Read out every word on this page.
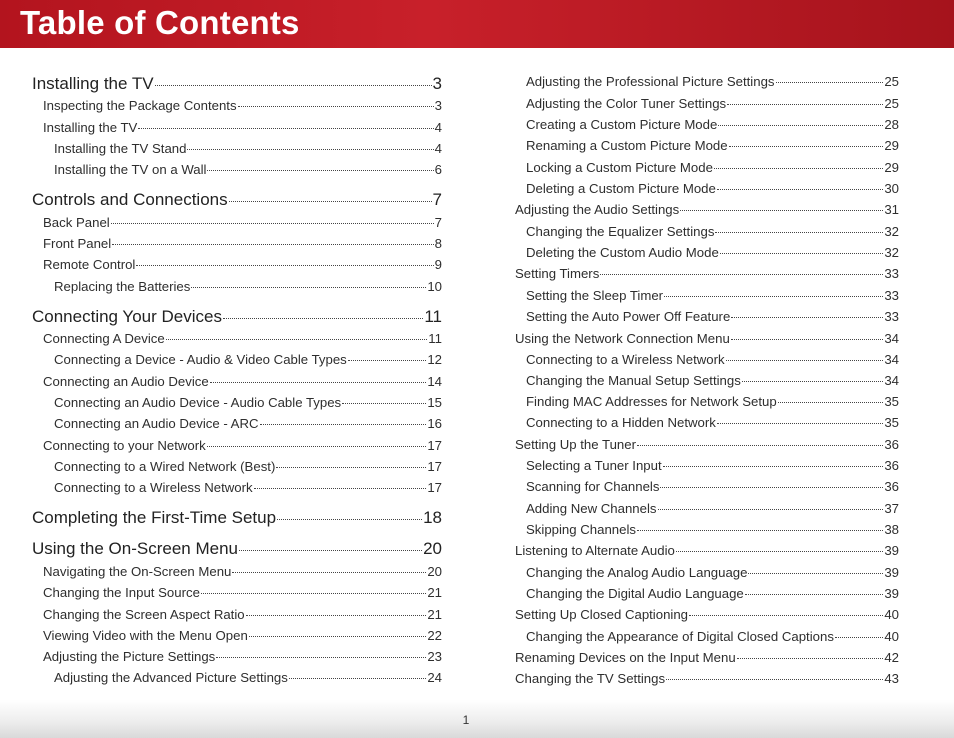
Table of Contents
Installing the TV	3
Inspecting the Package Contents	3
Installing the TV	4
Installing the TV Stand	4
Installing the TV on a Wall	6
Controls and Connections	7
Back Panel	7
Front Panel	8
Remote Control	9
Replacing the Batteries	10
Connecting Your Devices	11
Connecting A Device	11
Connecting a Device - Audio & Video Cable Types	12
Connecting an Audio Device	14
Connecting an Audio Device - Audio Cable Types	15
Connecting an Audio Device - ARC	16
Connecting to your Network	17
Connecting to a Wired Network (Best)	17
Connecting to a Wireless Network	17
Completing the First-Time Setup	18
Using the On-Screen Menu	20
Navigating the On-Screen Menu	20
Changing the Input Source	21
Changing the Screen Aspect Ratio	21
Viewing Video with the Menu Open	22
Adjusting the Picture Settings	23
Adjusting the Advanced Picture Settings	24
Adjusting the Professional Picture Settings	25
Adjusting the Color Tuner Settings	25
Creating a Custom Picture Mode	28
Renaming a Custom Picture Mode	29
Locking a Custom Picture Mode	29
Deleting a Custom Picture Mode	30
Adjusting the Audio Settings	31
Changing the Equalizer Settings	32
Deleting the Custom Audio Mode	32
Setting Timers	33
Setting the Sleep Timer	33
Setting the Auto Power Off Feature	33
Using the Network Connection Menu	34
Connecting to a Wireless Network	34
Changing the Manual Setup Settings	34
Finding MAC Addresses for Network Setup	35
Connecting to a Hidden Network	35
Setting Up the Tuner	36
Selecting a Tuner Input	36
Scanning for Channels	36
Adding New Channels	37
Skipping Channels	38
Listening to Alternate Audio	39
Changing the Analog Audio Language	39
Changing the Digital Audio Language	39
Setting Up Closed Captioning	40
Changing the Appearance of Digital Closed Captions	40
Renaming Devices on the Input Menu	42
Changing the TV Settings	43
1
